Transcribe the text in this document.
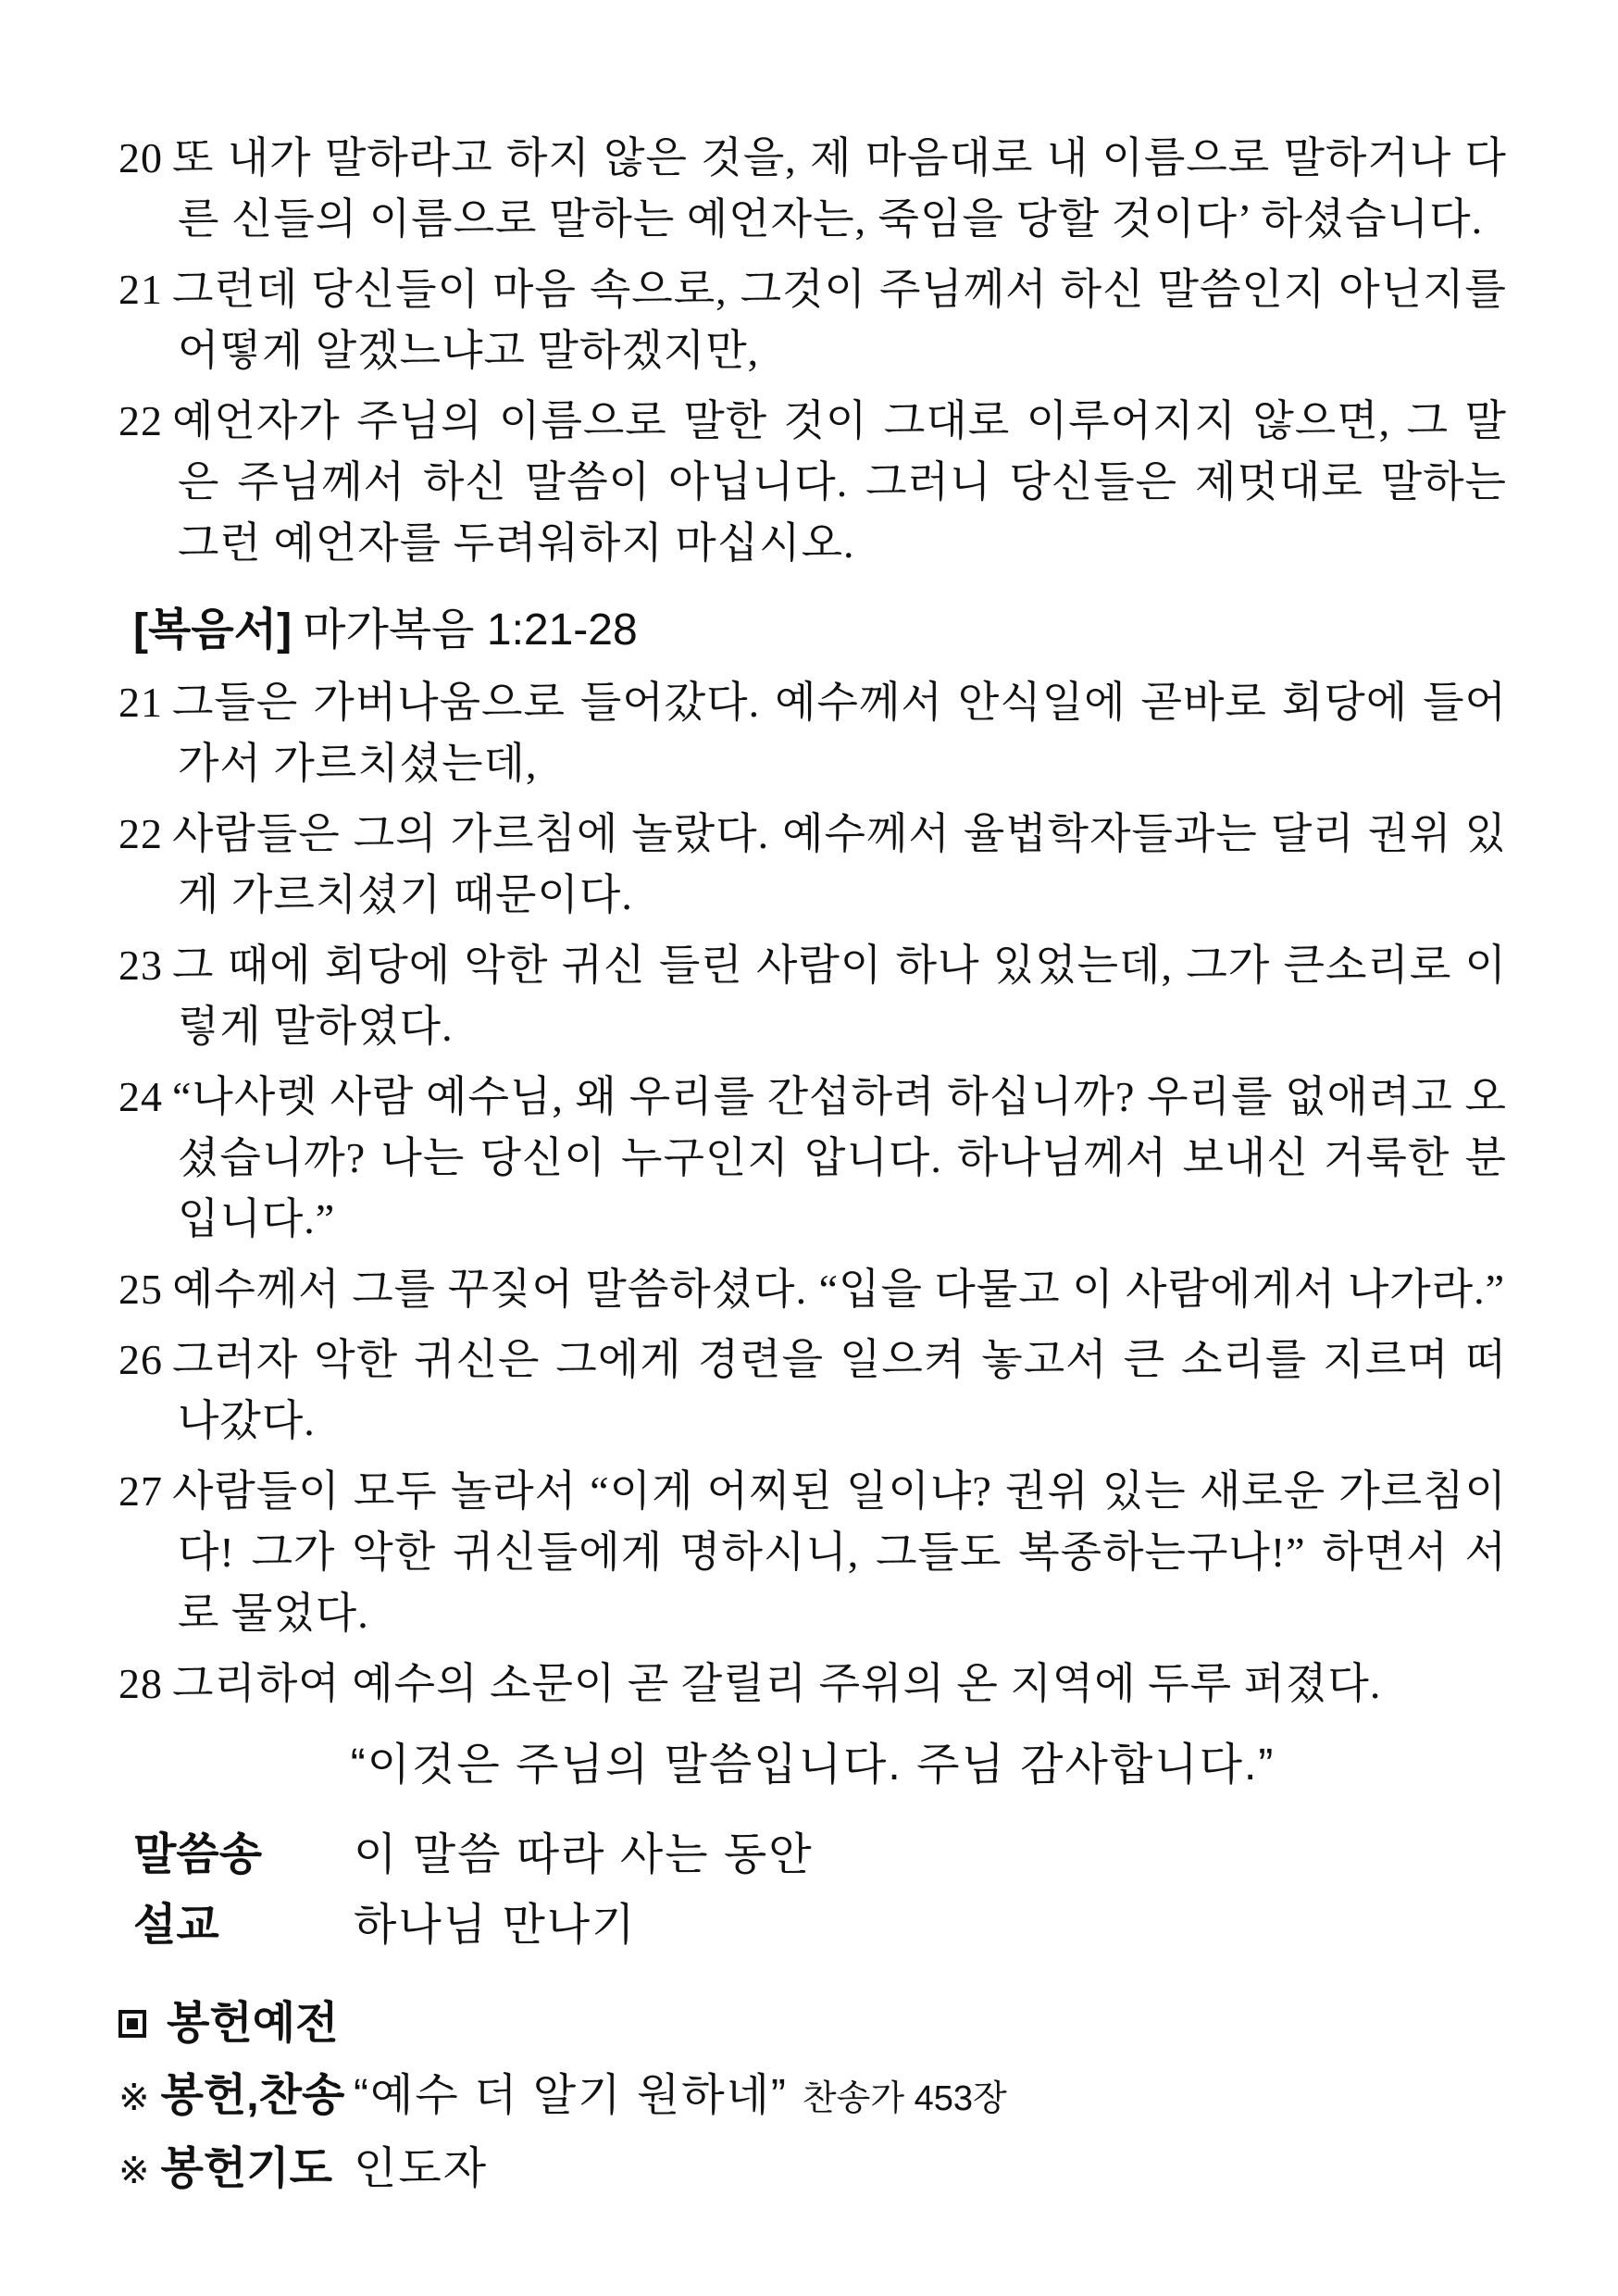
20 또 내가 말하라고 하지 않은 것을, 제 마음대로 내 이름으로 말하거나 다른 신들의 이름으로 말하는 예언자는, 죽임을 당할 것이다’ 하셨습니다.

21 그런데 당신들이 마음 속으로, 그것이 주님께서 하신 말씀인지 아닌지를 어떻게 알겠느냐고 말하겠지만,

22 예언자가 주님의 이름으로 말한 것이 그대로 이루어지지 않으면, 그 말은 주님께서 하신 말씀이 아닙니다. 그러니 당신들은 제멋대로 말하는 그런 예언자를 두려워하지 마십시오.

[복음서] 마가복음 1:21-28

21 그들은 가버나움으로 들어갔다. 예수께서 안식일에 곧바로 회당에 들어가서 가르치셨는데,

22 사람들은 그의 가르침에 놀랐다. 예수께서 율법학자들과는 달리 권위 있게 가르치셨기 때문이다.

23 그 때에 회당에 악한 귀신 들린 사람이 하나 있었는데, 그가 큰소리로 이렇게 말하였다.

24 “나사렛 사람 예수님, 왜 우리를 간섭하려 하십니까? 우리를 없애려고 오셨습니까? 나는 당신이 누구인지 압니다. 하나님께서 보내신 거룩한 분입니다.”

25 예수께서 그를 꾸짖어 말씀하셨다. “입을 다물고 이 사람에게서 나가라.”

26 그러자 악한 귀신은 그에게 경련을 일으켜 놓고서 큰 소리를 지르며 떠나갔다.

27 사람들이 모두 놀라서 “이게 어찌된 일이냐? 권위 있는 새로운 가르침이다! 그가 악한 귀신들에게 명하시니, 그들도 복종하는구나!” 하면서 서로 물었다.

28 그리하여 예수의 소문이 곧 갈릴리 주위의 온 지역에 두루 퍼졌다.

“이것은 주님의 말씀입니다. 주님 감사합니다.”
말씀송	이 말씀 따라 사는 동안
설교	하나님 만나기
봉헌예전
※ 봉헌,찬송 “예수 더 알기 원하네” 찬송가 453장
※ 봉헌기도 인도자
